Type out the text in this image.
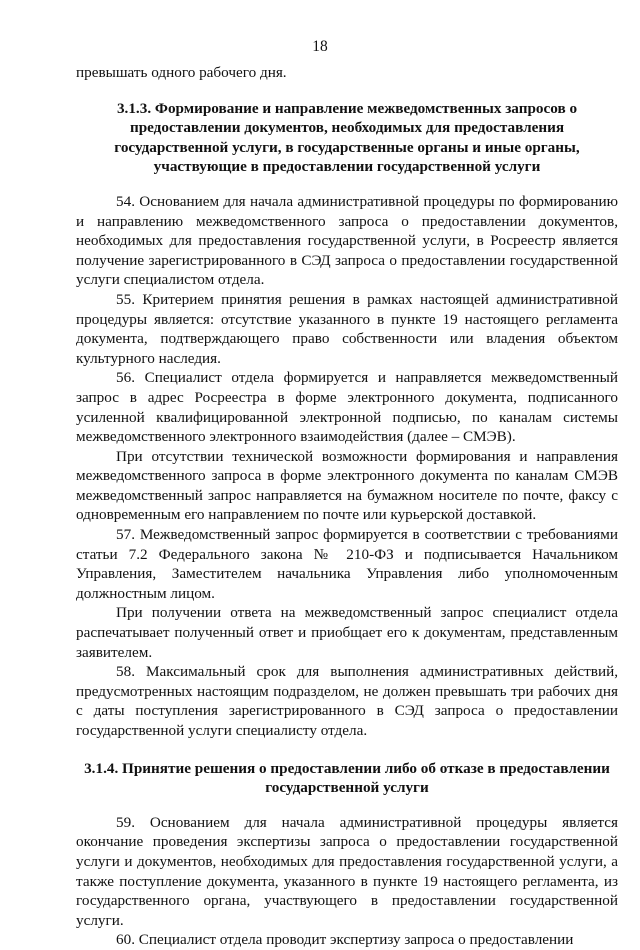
18

превышать одного рабочего дня.

3.1.3. Формирование и направление межведомственных запросов о предоставлении документов, необходимых для предоставления государственной услуги, в государственные органы и иные органы, участвующие в предоставлении государственной услуги

54. Основанием для начала административной процедуры по формированию и направлению межведомственного запроса о предоставлении документов, необходимых для предоставления государственной услуги, в Росреестр является получение зарегистрированного в СЭД запроса о предоставлении государственной услуги специалистом отдела.

55. Критерием принятия решения в рамках настоящей административной процедуры является: отсутствие указанного в пункте 19 настоящего регламента документа, подтверждающего право собственности или владения объектом культурного наследия.

56. Специалист отдела формируется и направляется межведомственный запрос в адрес Росреестра в форме электронного документа, подписанного усиленной квалифицированной электронной подписью, по каналам системы межведомственного электронного взаимодействия (далее – СМЭВ).

При отсутствии технической возможности формирования и направления межведомственного запроса в форме электронного документа по каналам СМЭВ межведомственный запрос направляется на бумажном носителе по почте, факсу с одновременным его направлением по почте или курьерской доставкой.

57. Межведомственный запрос формируется в соответствии с требованиями статьи 7.2 Федерального закона № 210-ФЗ и подписывается Начальником Управления, Заместителем начальника Управления либо уполномоченным должностным лицом.

При получении ответа на межведомственный запрос специалист отдела распечатывает полученный ответ и приобщает его к документам, представленным заявителем.

58. Максимальный срок для выполнения административных действий, предусмотренных настоящим подразделом, не должен превышать три рабочих дня с даты поступления зарегистрированного в СЭД запроса о предоставлении государственной услуги специалисту отдела.

3.1.4. Принятие решения о предоставлении либо об отказе в предоставлении государственной услуги

59. Основанием для начала административной процедуры является окончание проведения экспертизы запроса о предоставлении государственной услуги и документов, необходимых для предоставления государственной услуги, а также поступление документа, указанного в пункте 19 настоящего регламента, из государственного органа, участвующего в предоставлении государственной услуги.

60. Специалист отдела проводит экспертизу запроса о предоставлении
